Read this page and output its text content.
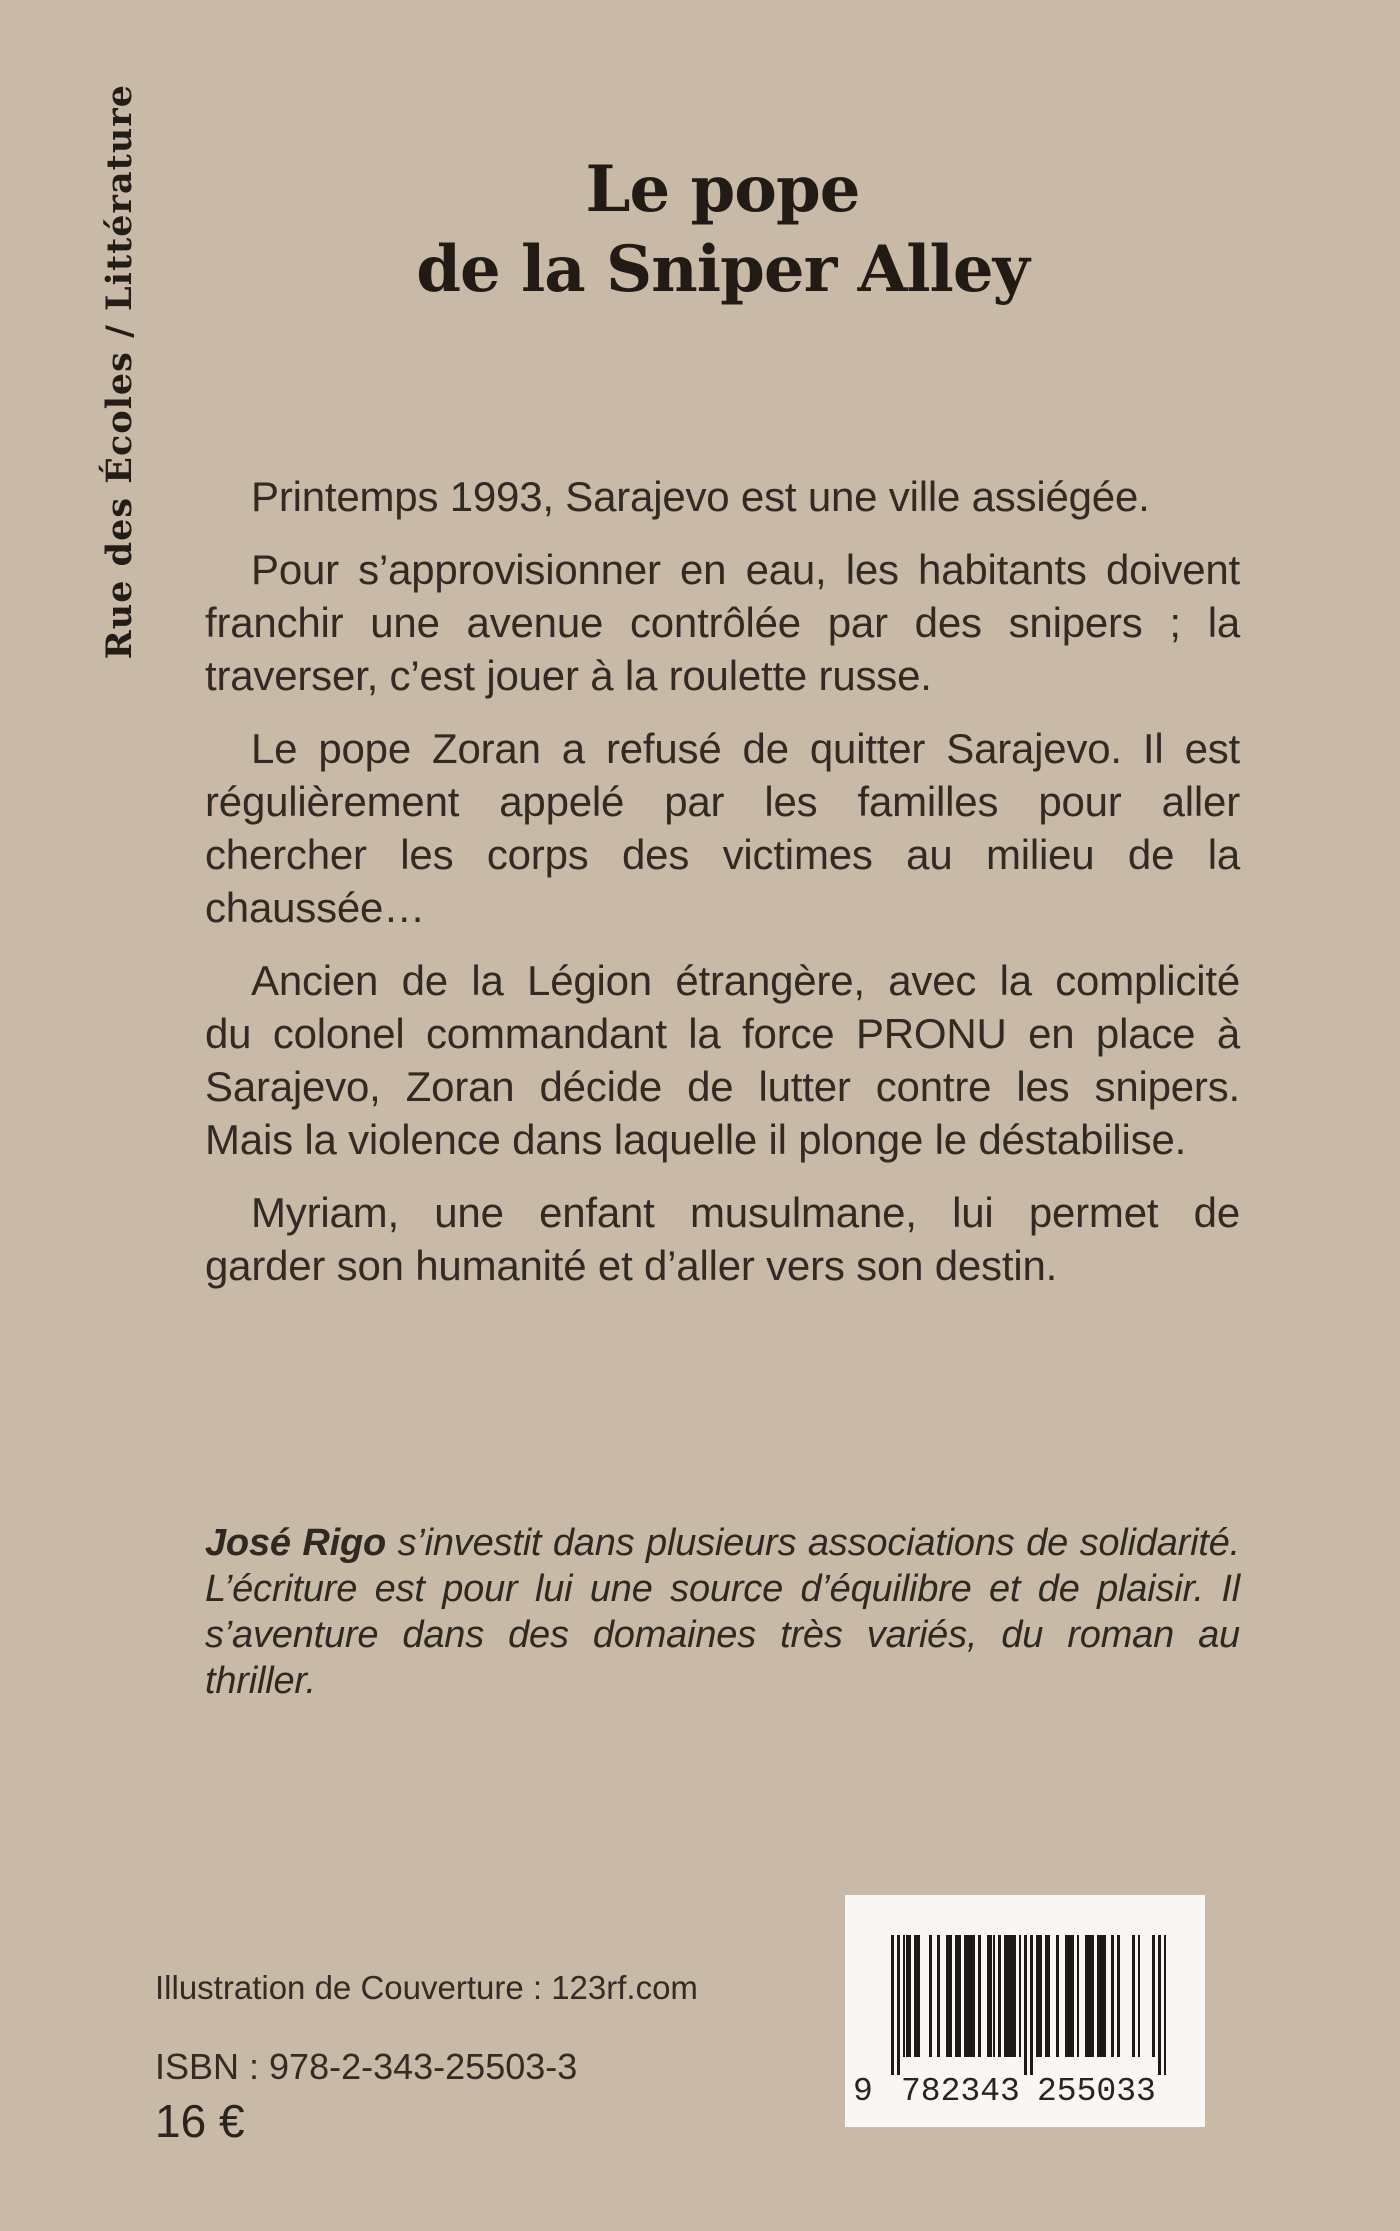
Rue des Écoles / Littérature	Le pope
de la Sniper Alley
Printemps 1993, Sarajevo est une ville assiégée.
Pour s’approvisionner en eau, les habitants doivent
franchir une avenue contrôlée par des snipers ; la
traverser, c’est jouer à la roulette russe.
Le pope Zoran a refusé de quitter Sarajevo. Il est
régulièrement appelé par les familles pour aller
chercher les corps des victimes au milieu de la
chaussée…
Ancien de la Légion étrangère, avec la complicité
du colonel commandant la force PRONU en place à
Sarajevo, Zoran décide de lutter contre les snipers.
Mais la violence dans laquelle il plonge le déstabilise.
Myriam, une enfant musulmane, lui permet de
garder son humanité et d’aller vers son destin.
José Rigo s’investit dans plusieurs associations de solidarité.
L’écriture est pour lui une source d’équilibre et de plaisir. Il
s’aventure dans des domaines très variés, du roman au thriller.
Illustration de Couverture : 123rf.com
ISBN : 978-2-343-25503-3
16 €
9 782343 255033
